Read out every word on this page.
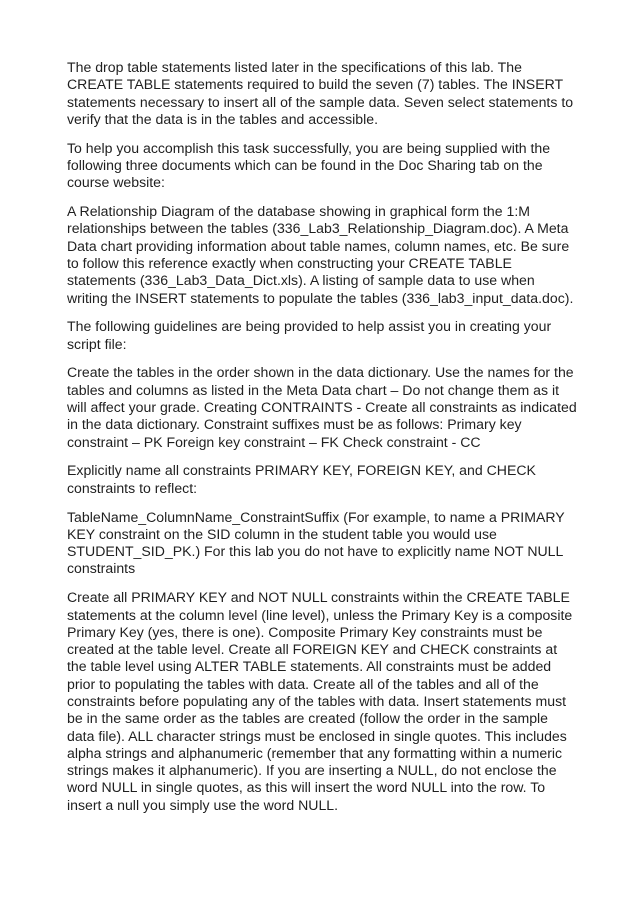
The drop table statements listed later in the specifications of this lab. The
CREATE TABLE statements required to build the seven (7) tables. The INSERT
statements necessary to insert all of the sample data. Seven select statements to
verify that the data is in the tables and accessible.

To help you accomplish this task successfully, you are being supplied with the
following three documents which can be found in the Doc Sharing tab on the
course website:

A Relationship Diagram of the database showing in graphical form the 1:M
relationships between the tables (336_Lab3_Relationship_Diagram.doc). A Meta
Data chart providing information about table names, column names, etc. Be sure
to follow this reference exactly when constructing your CREATE TABLE
statements (336_Lab3_Data_Dict.xls). A listing of sample data to use when
writing the INSERT statements to populate the tables (336_lab3_input_data.doc).

The following guidelines are being provided to help assist you in creating your
script file:

Create the tables in the order shown in the data dictionary. Use the names for the
tables and columns as listed in the Meta Data chart – Do not change them as it
will affect your grade. Creating CONTRAINTS - Create all constraints as indicated
in the data dictionary. Constraint suffixes must be as follows: Primary key
constraint – PK Foreign key constraint – FK Check constraint - CC

Explicitly name all constraints PRIMARY KEY, FOREIGN KEY, and CHECK
constraints to reflect:

TableName_ColumnName_ConstraintSuffix (For example, to name a PRIMARY
KEY constraint on the SID column in the student table you would use
STUDENT_SID_PK.) For this lab you do not have to explicitly name NOT NULL
constraints

Create all PRIMARY KEY and NOT NULL constraints within the CREATE TABLE
statements at the column level (line level), unless the Primary Key is a composite
Primary Key (yes, there is one). Composite Primary Key constraints must be
created at the table level. Create all FOREIGN KEY and CHECK constraints at
the table level using ALTER TABLE statements. All constraints must be added
prior to populating the tables with data. Create all of the tables and all of the
constraints before populating any of the tables with data. Insert statements must
be in the same order as the tables are created (follow the order in the sample
data file). ALL character strings must be enclosed in single quotes. This includes
alpha strings and alphanumeric (remember that any formatting within a numeric
strings makes it alphanumeric). If you are inserting a NULL, do not enclose the
word NULL in single quotes, as this will insert the word NULL into the row. To
insert a null you simply use the word NULL.
